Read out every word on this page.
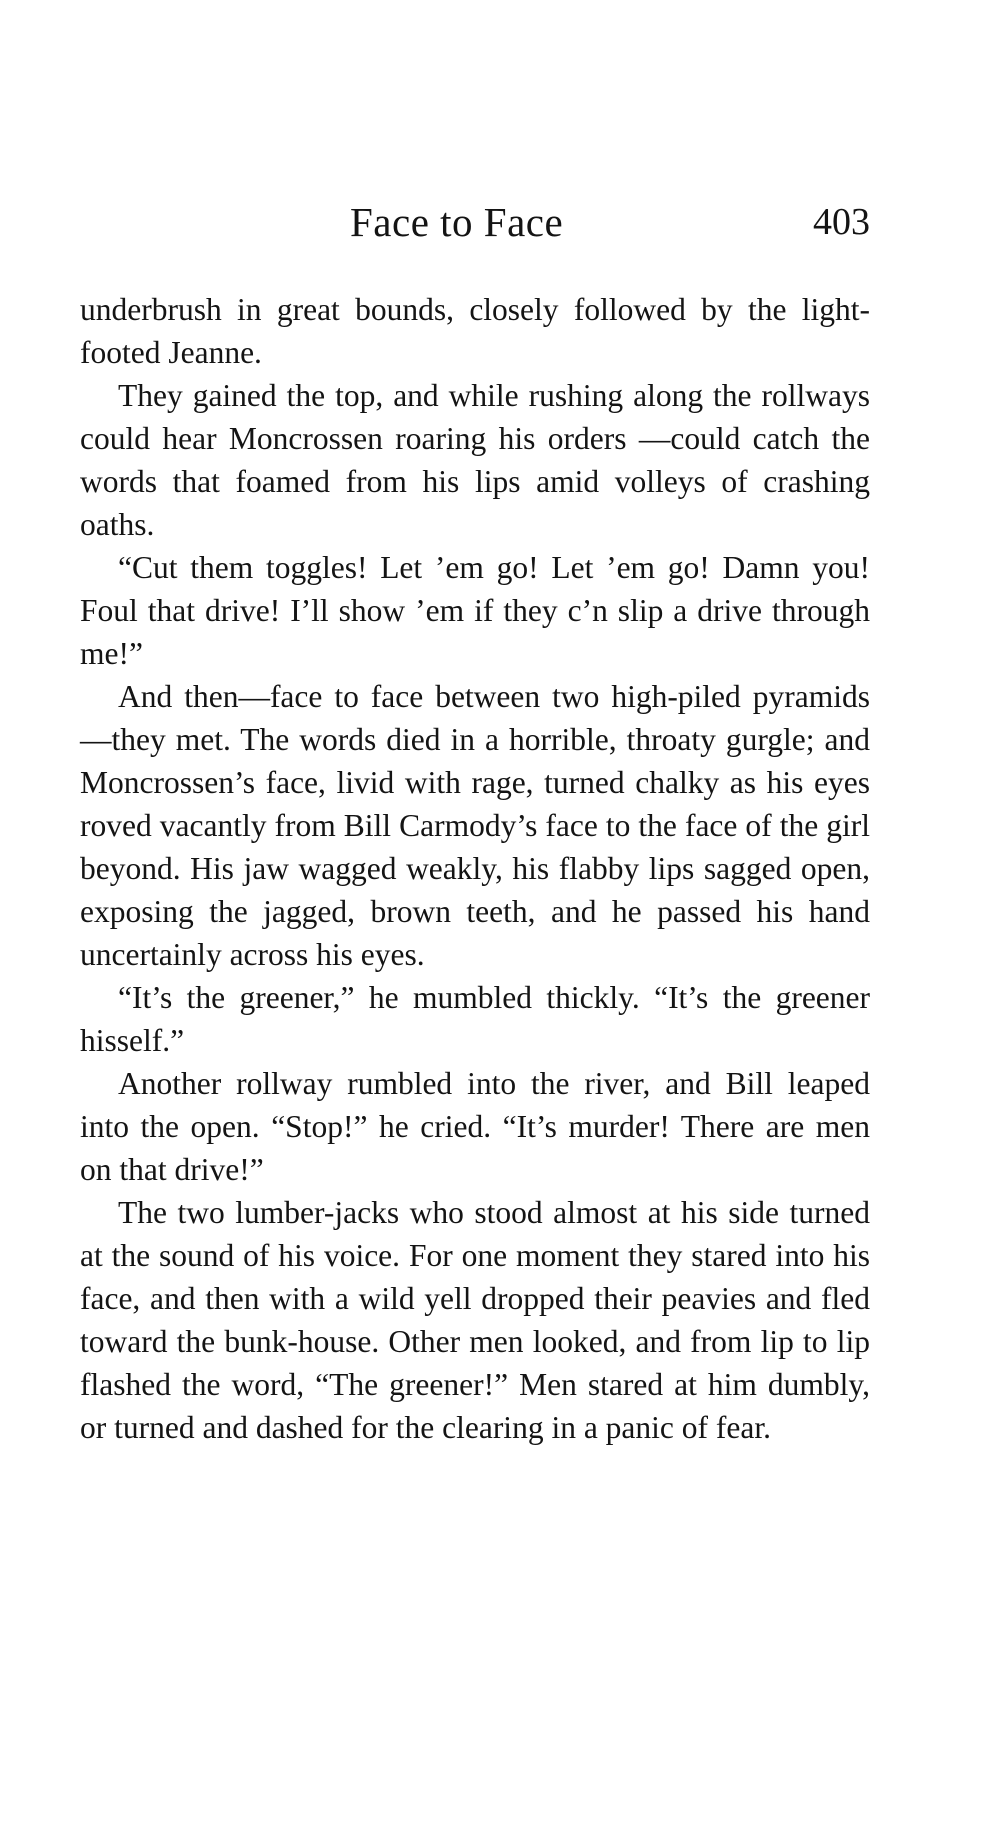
Face to Face	403

underbrush in great bounds, closely followed by the light-footed Jeanne.

They gained the top, and while rushing along the rollways could hear Moncrossen roaring his orders —could catch the words that foamed from his lips amid volleys of crashing oaths.

“Cut them toggles! Let ’em go! Let ’em go! Damn you! Foul that drive! I’ll show ’em if they c’n slip a drive through me!”

And then—face to face between two high-piled pyramids—they met. The words died in a horrible, throaty gurgle; and Moncrossen’s face, livid with rage, turned chalky as his eyes roved vacantly from Bill Carmody’s face to the face of the girl beyond. His jaw wagged weakly, his flabby lips sagged open, exposing the jagged, brown teeth, and he passed his hand uncertainly across his eyes.

“It’s the greener,” he mumbled thickly. “It’s the greener hisself.”

Another rollway rumbled into the river, and Bill leaped into the open. “Stop!” he cried. “It’s murder! There are men on that drive!”

The two lumber-jacks who stood almost at his side turned at the sound of his voice. For one moment they stared into his face, and then with a wild yell dropped their peavies and fled toward the bunk-house. Other men looked, and from lip to lip flashed the word, “The greener!” Men stared at him dumbly, or turned and dashed for the clearing in a panic of fear.
